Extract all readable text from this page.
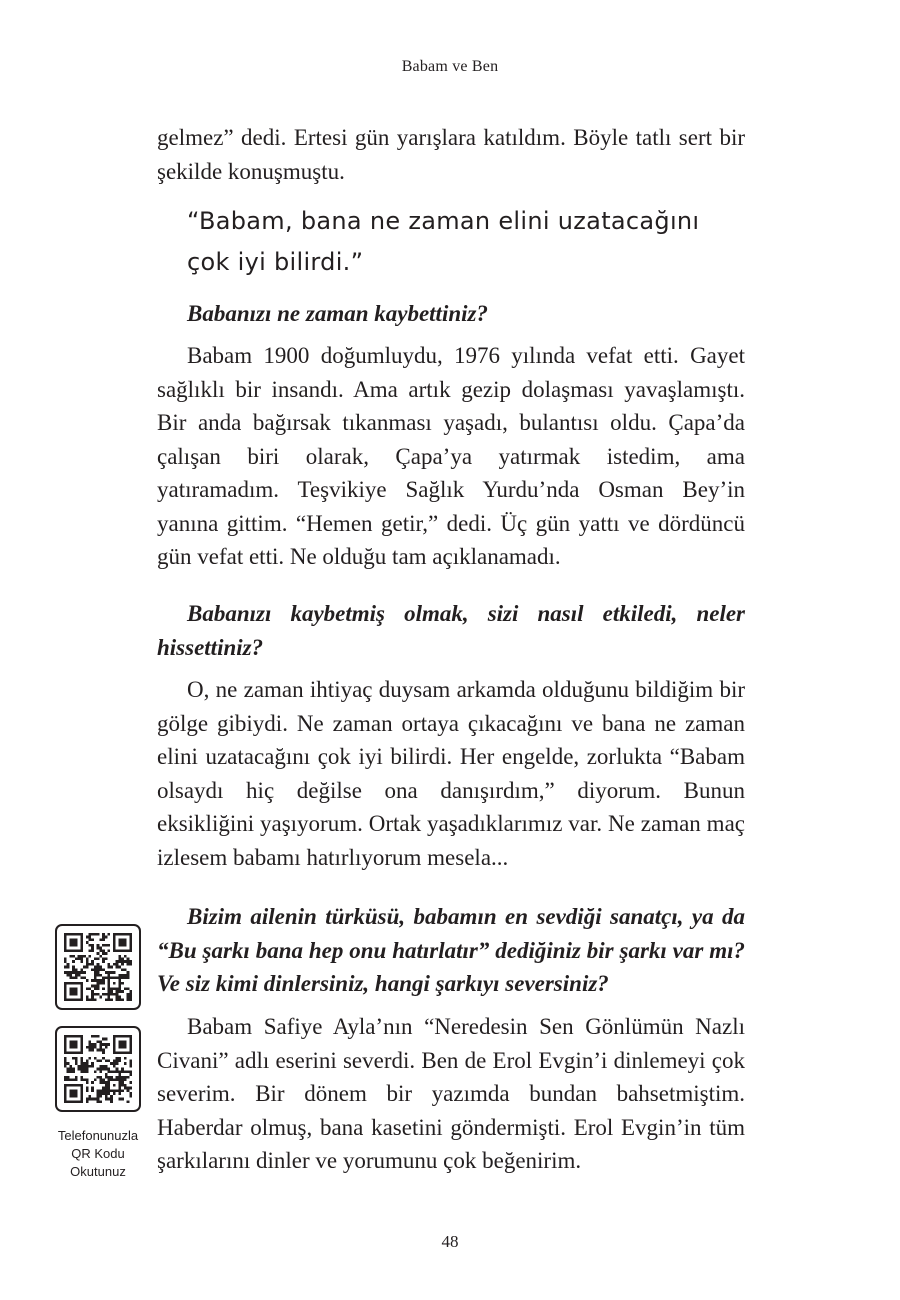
Babam ve Ben

gelmez” dedi. Ertesi gün yarışlara katıldım. Böyle tatlı sert bir şekilde konuşmuştu.

“Babam, bana ne zaman elini uzatacağını çok iyi bilirdi.”

Babanızı ne zaman kaybettiniz?

Babam 1900 doğumluydu, 1976 yılında vefat etti. Gayet sağlıklı bir insandı. Ama artık gezip dolaşması yavaşlamıştı. Bir anda bağırsak tıkanması yaşadı, bulantısı oldu. Çapa’da çalışan biri olarak, Çapa’ya yatırmak istedim, ama yatıramadım. Teşvikiye Sağlık Yurdu’nda Osman Bey’in yanına gittim. “Hemen getir,” dedi. Üç gün yattı ve dördüncü gün vefat etti. Ne olduğu tam açıklanamadı.

Babanızı kaybetmiş olmak, sizi nasıl etkiledi, neler hissettiniz?

O, ne zaman ihtiyaç duysam arkamda olduğunu bildiğim bir gölge gibiydi. Ne zaman ortaya çıkacağını ve bana ne zaman elini uzatacağını çok iyi bilirdi. Her engelde, zorlukta “Babam olsaydı hiç değilse ona danışırdım,” diyorum. Bunun eksikliğini yaşıyorum. Ortak yaşadıklarımız var. Ne zaman maç izlesem babamı hatırlıyorum mesela...

Bizim ailenin türküsü, babamın en sevdiği sanatçı, ya da “Bu şarkı bana hep onu hatırlatır” dediğiniz bir şarkı var mı? Ve siz kimi dinlersiniz, hangi şarkıyı seversiniz?

Babam Safiye Ayla’nın “Neredesin Sen Gönlümün Nazlı Civani” adlı eserini severdi. Ben de Erol Evgin’i dinlemeyi çok severim. Bir dönem bir yazımda bundan bahsetmiştim. Haberdar olmuş, bana kasetini göndermişti. Erol Evgin’in tüm şarkılarını dinler ve yorumunu çok beğenirim.

Telefonunuzla
QR Kodu
Okutunuz
48
